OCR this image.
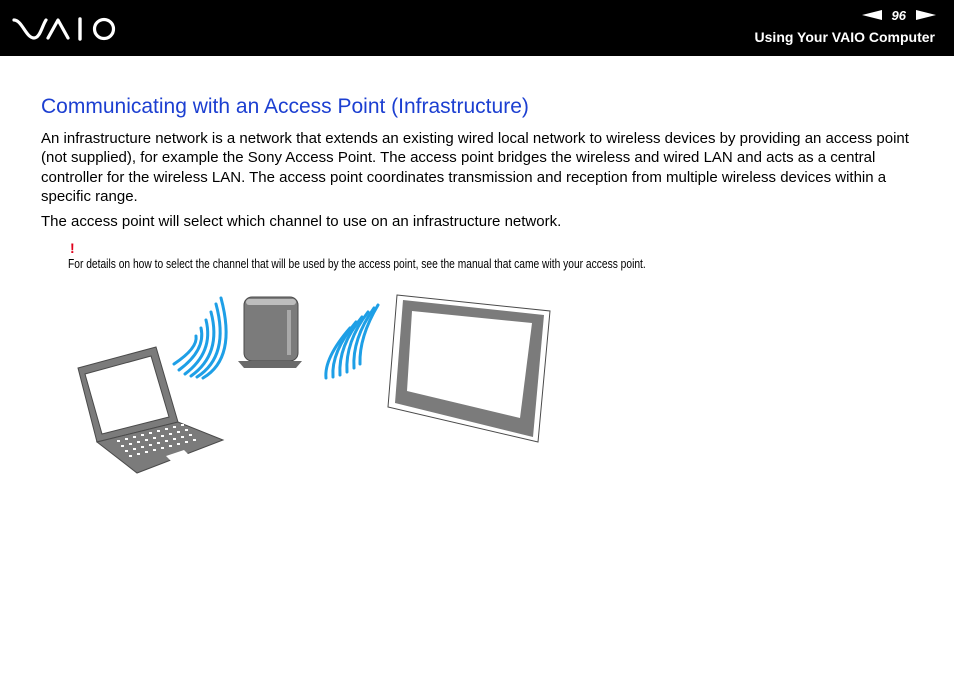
96
Using Your VAIO Computer
Communicating with an Access Point (Infrastructure)

An infrastructure network is a network that extends an existing wired local network to wireless devices by providing an access point (not supplied), for example the Sony Access Point. The access point bridges the wireless and wired LAN and acts as a central controller for the wireless LAN. The access point coordinates transmission and reception from multiple wireless devices within a specific range.

The access point will select which channel to use on an infrastructure network.

!

For details on how to select the channel that will be used by the access point, see the manual that came with your access point.
